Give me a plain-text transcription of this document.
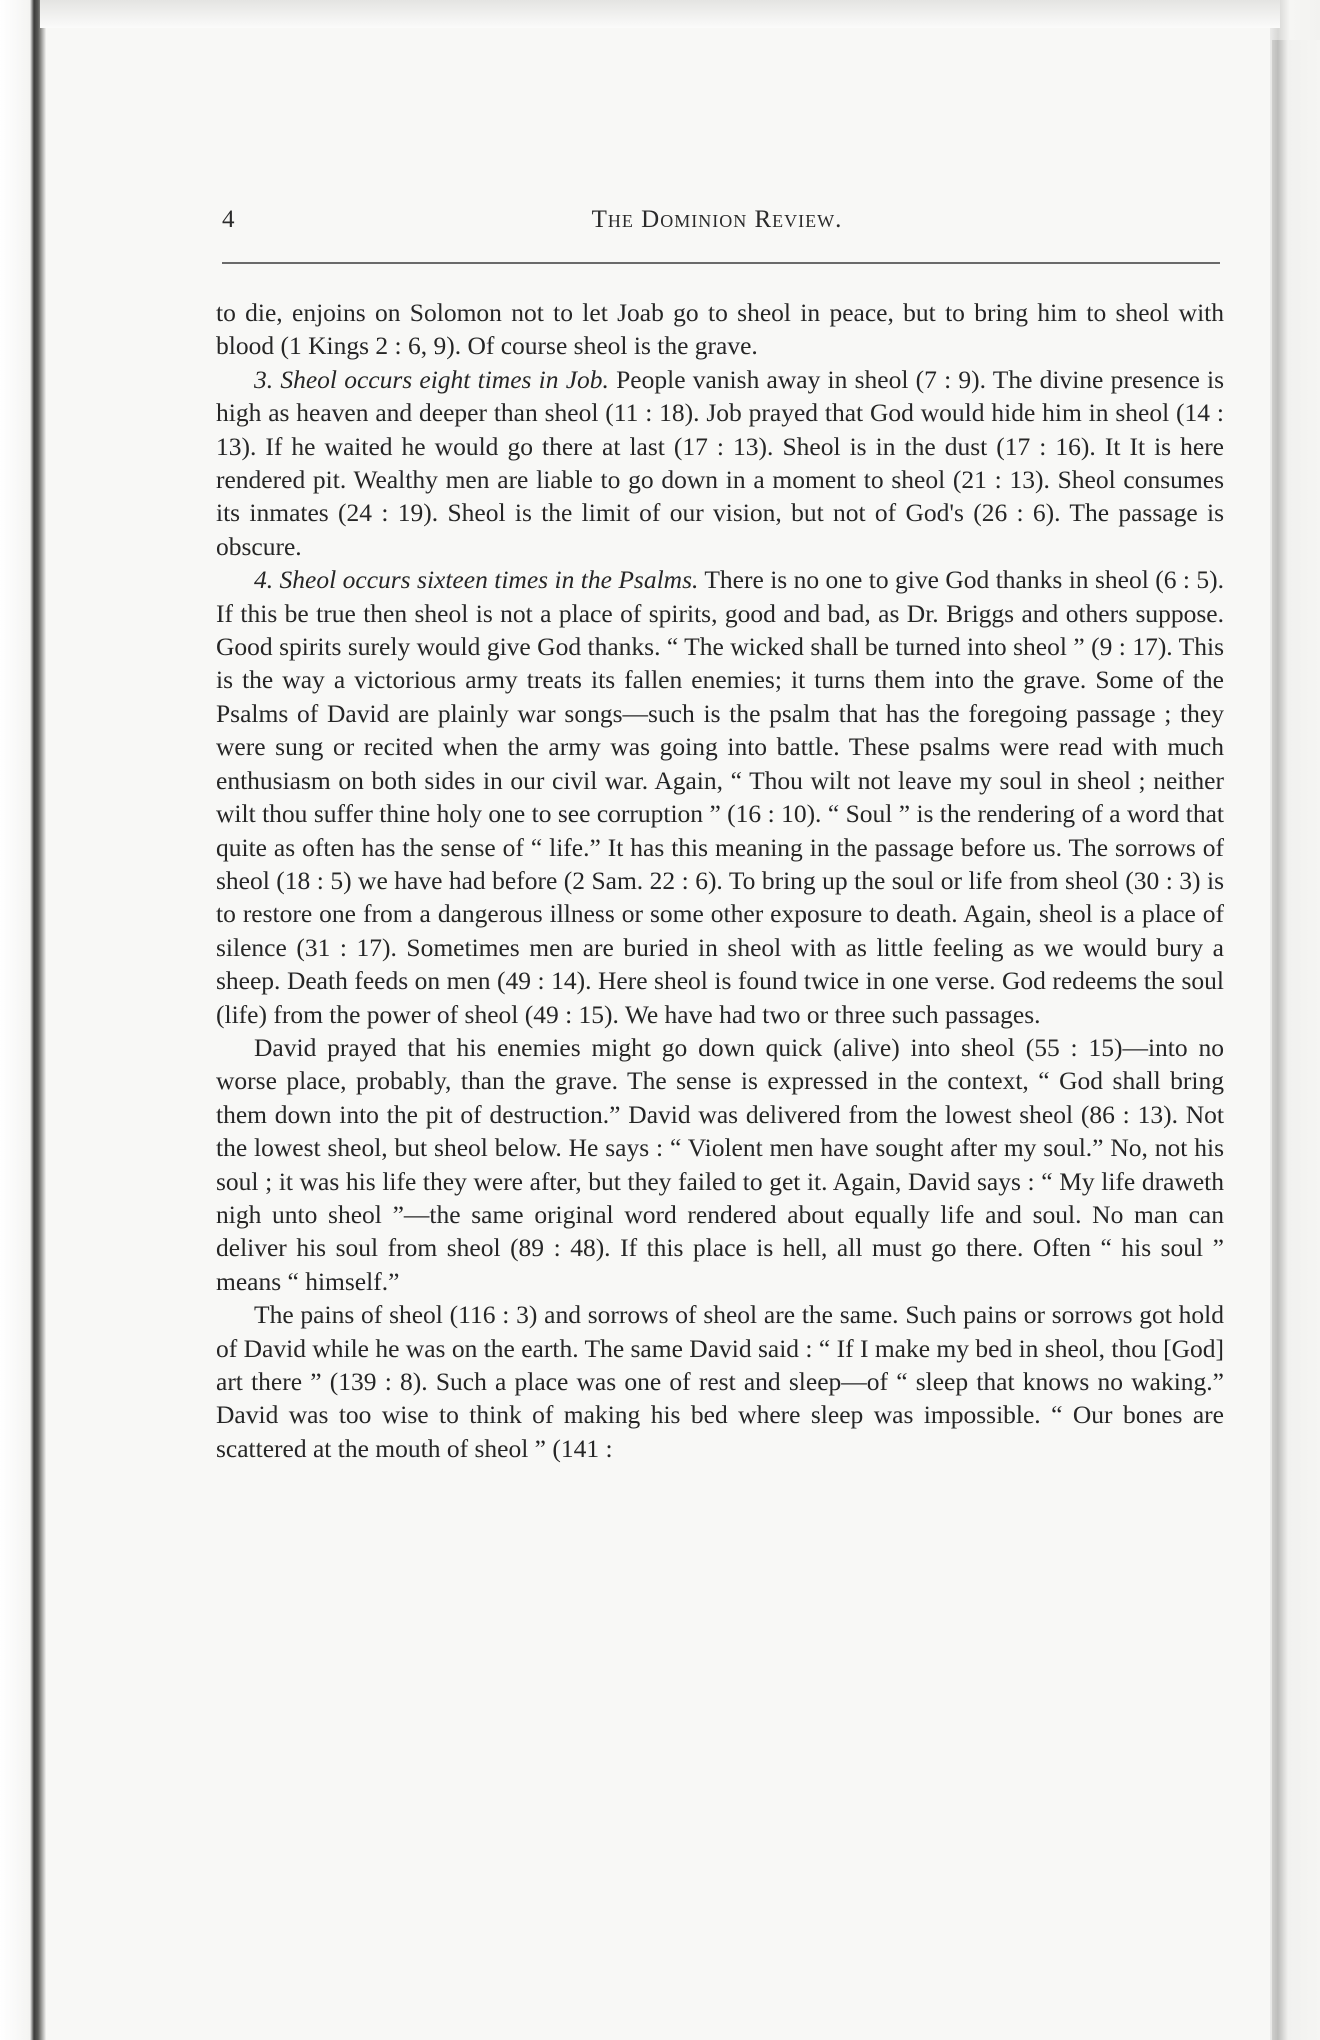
4	The Dominion Review.

to die, enjoins on Solomon not to let Joab go to sheol in peace, but to bring him to sheol with blood (1 Kings 2 : 6, 9). Of course sheol is the grave.

3. Sheol occurs eight times in Job. People vanish away in sheol (7 : 9). The divine presence is high as heaven and deeper than sheol (11 : 18). Job prayed that God would hide him in sheol (14 : 13). If he waited he would go there at last (17 : 13). Sheol is in the dust (17 : 16). It It is here rendered pit. Wealthy men are liable to go down in a moment to sheol (21 : 13). Sheol consumes its inmates (24 : 19). Sheol is the limit of our vision, but not of God's (26 : 6). The passage is obscure.

4. Sheol occurs sixteen times in the Psalms. There is no one to give God thanks in sheol (6 : 5). If this be true then sheol is not a place of spirits, good and bad, as Dr. Briggs and others suppose. Good spirits surely would give God thanks. “ The wicked shall be turned into sheol ” (9 : 17). This is the way a victorious army treats its fallen enemies; it turns them into the grave. Some of the Psalms of David are plainly war songs—such is the psalm that has the foregoing passage ; they were sung or recited when the army was going into battle. These psalms were read with much enthusiasm on both sides in our civil war. Again, “ Thou wilt not leave my soul in sheol ; neither wilt thou suffer thine holy one to see corruption ” (16 : 10). “ Soul ” is the rendering of a word that quite as often has the sense of “ life.” It has this meaning in the passage before us. The sorrows of sheol (18 : 5) we have had before (2 Sam. 22 : 6). To bring up the soul or life from sheol (30 : 3) is to restore one from a dangerous illness or some other exposure to death. Again, sheol is a place of silence (31 : 17). Sometimes men are buried in sheol with as little feeling as we would bury a sheep. Death feeds on men (49 : 14). Here sheol is found twice in one verse. God redeems the soul (life) from the power of sheol (49 : 15). We have had two or three such passages.

David prayed that his enemies might go down quick (alive) into sheol (55 : 15)—into no worse place, probably, than the grave. The sense is expressed in the context, “ God shall bring them down into the pit of destruction.” David was delivered from the lowest sheol (86 : 13). Not the lowest sheol, but sheol below. He says : “ Violent men have sought after my soul.” No, not his soul ; it was his life they were after, but they failed to get it. Again, David says : “ My life draweth nigh unto sheol ”—the same original word rendered about equally life and soul. No man can deliver his soul from sheol (89 : 48). If this place is hell, all must go there. Often “ his soul ” means “ himself.”

The pains of sheol (116 : 3) and sorrows of sheol are the same. Such pains or sorrows got hold of David while he was on the earth. The same David said : “ If I make my bed in sheol, thou [God] art there ” (139 : 8). Such a place was one of rest and sleep—of “ sleep that knows no waking.” David was too wise to think of making his bed where sleep was impossible. “ Our bones are scattered at the mouth of sheol ” (141 :
